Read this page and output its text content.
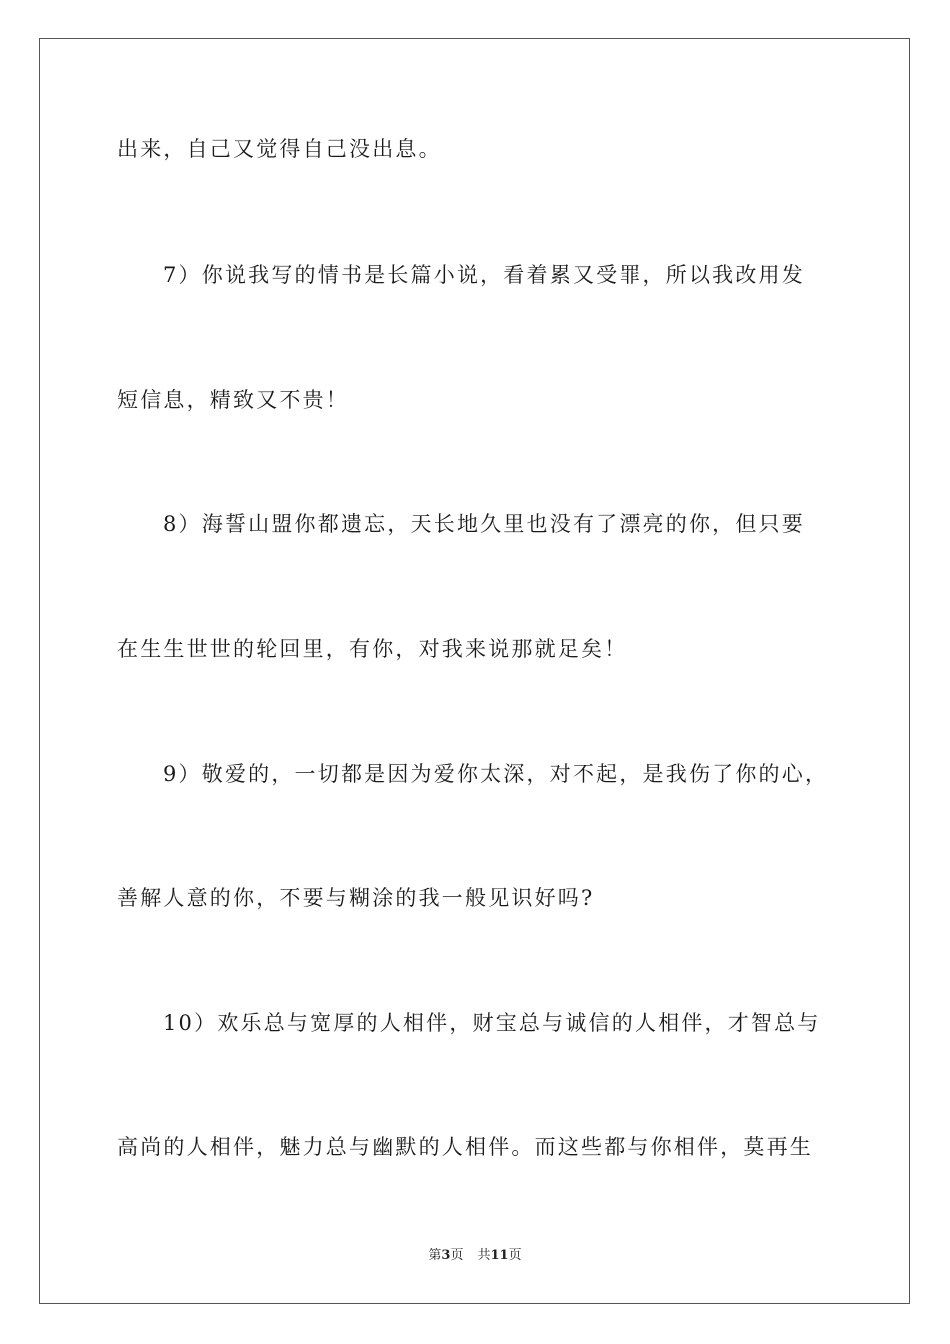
出来，自己又觉得自己没出息。
7）你说我写的情书是长篇小说，看着累又受罪，所以我改用发
短信息，精致又不贵！
8）海誓山盟你都遗忘，天长地久里也没有了漂亮的你，但只要
在生生世世的轮回里，有你，对我来说那就足矣！
9）敬爱的，一切都是因为爱你太深，对不起，是我伤了你的心，
善解人意的你，不要与糊涂的我一般见识好吗?
10）欢乐总与宽厚的人相伴，财宝总与诚信的人相伴，才智总与
高尚的人相伴，魅力总与幽默的人相伴。而这些都与你相伴，莫再生
第3页 共11页
